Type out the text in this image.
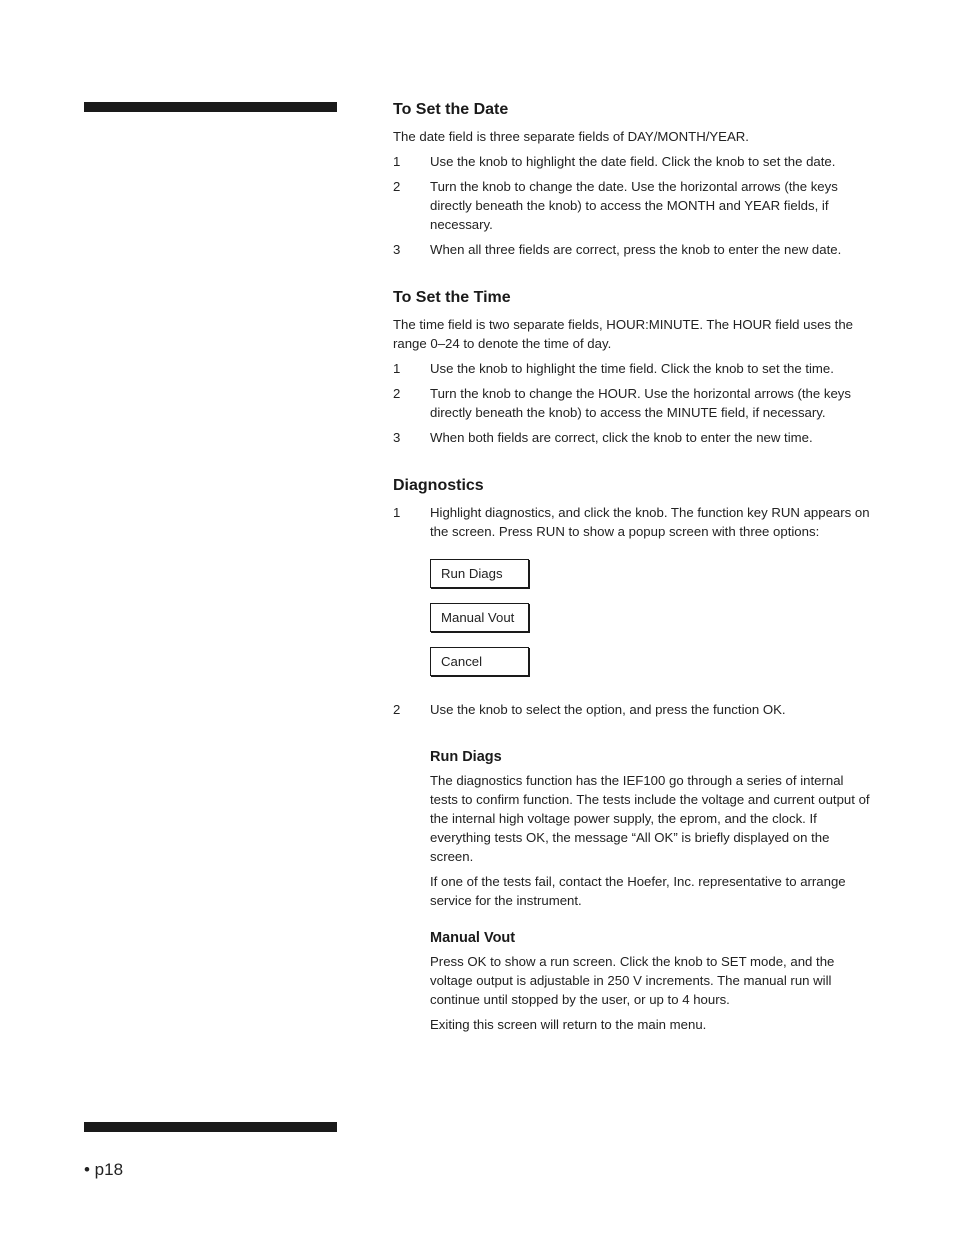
• p18
To Set the Date

The date field is three separate fields of DAY/MONTH/YEAR.

1 Use the knob to highlight the date field. Click the knob to set the date.
2 Turn the knob to change the date. Use the horizontal arrows (the keys directly beneath the knob) to access the MONTH and YEAR fields, if necessary.
3 When all three fields are correct, press the knob to enter the new date.
To Set the Time

The time field is two separate fields, HOUR:MINUTE. The HOUR field uses the range 0–24 to denote the time of day.

1 Use the knob to highlight the time field. Click the knob to set the time.
2 Turn the knob to change the HOUR. Use the horizontal arrows (the keys directly beneath the knob) to access the MINUTE field, if necessary.
3 When both fields are correct, click the knob to enter the new time.
Diagnostics
1 Highlight diagnostics, and click the knob. The function key RUN appears on the screen. Press RUN to show a popup screen with three options:
Run Diags
Manual Vout
Cancel
2 Use the knob to select the option, and press the function OK.
Run Diags

The diagnostics function has the IEF100 go through a series of internal tests to confirm function. The tests include the voltage and current output of the internal high voltage power supply, the eprom, and the clock. If everything tests OK, the message “All OK” is briefly displayed on the screen.

If one of the tests fail, contact the Hoefer, Inc. representative to arrange service for the instrument.

Manual Vout

Press OK to show a run screen. Click the knob to SET mode, and the voltage output is adjustable in 250 V increments. The manual run will continue until stopped by the user, or up to 4 hours.

Exiting this screen will return to the main menu.
